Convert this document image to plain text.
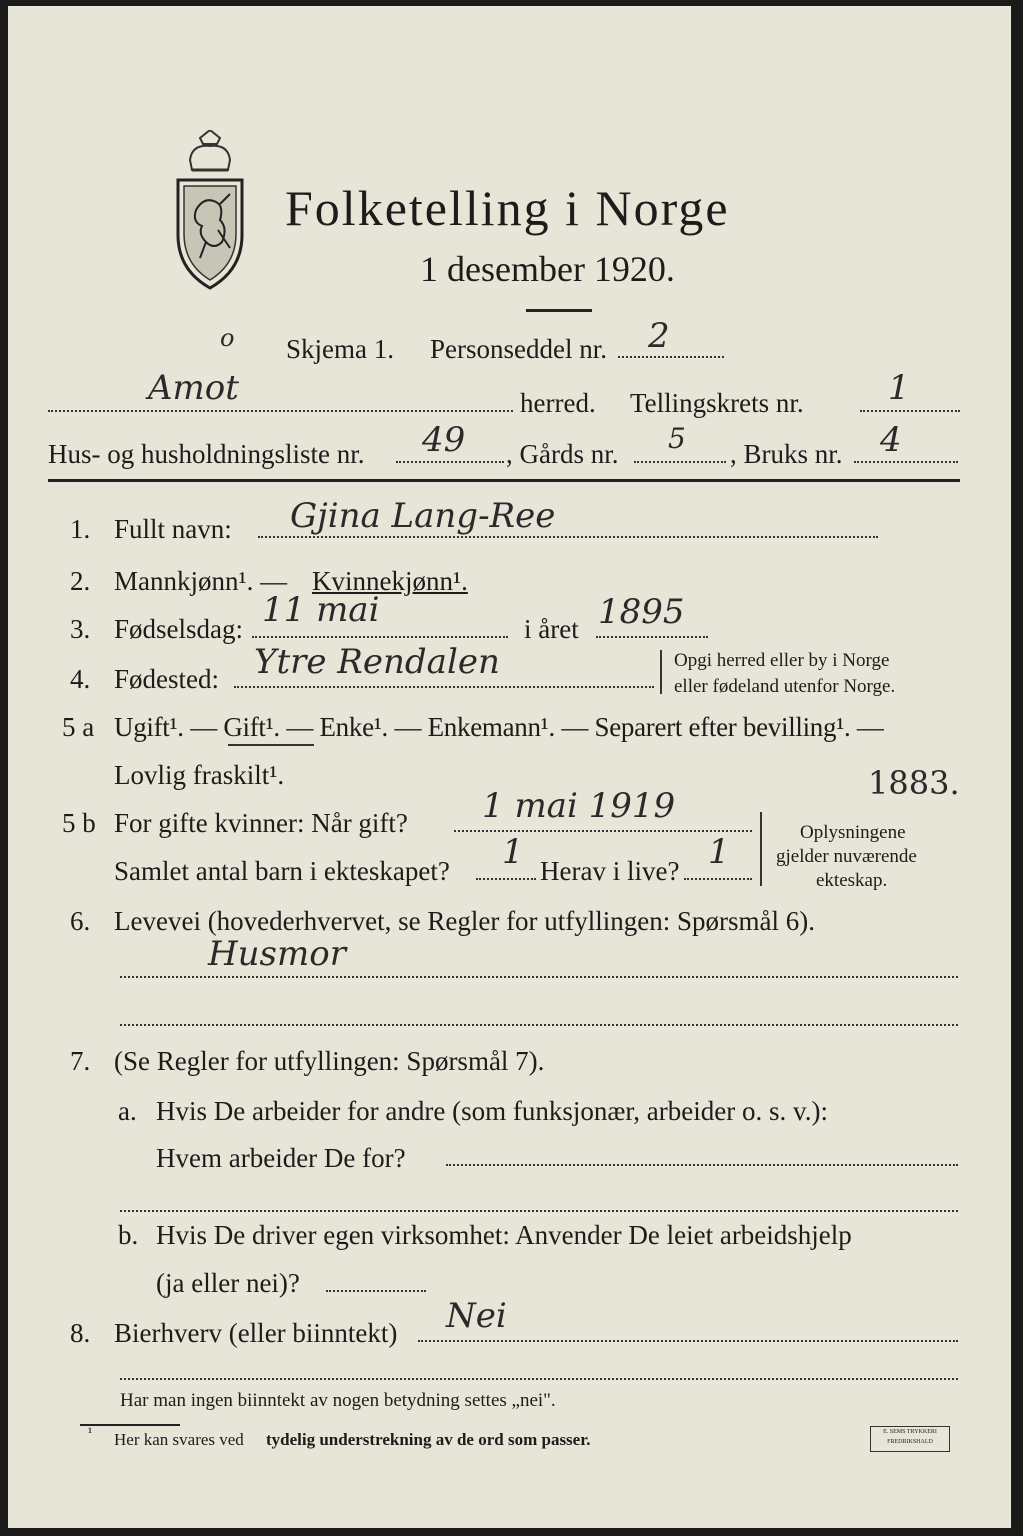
Folketelling i Norge
1 desember 1920.
o Skjema 1. Personseddel nr. 2
Amot	herred. Tellingskrets nr. 1
Hus- og husholdningsliste nr. 49 , Gårds nr. 5 , Bruks nr. 4
1. Fullt navn: Gjina Lang-Ree
2. Mannkjønn¹. — Kvinnekjønn¹.
3. Fødselsdag: 11 mai	i året 1895
4. Fødested: Ytre Rendalen	Opgi herred eller by i Norge
eller fødeland utenfor Norge.
5 a Ugift¹. — Gift¹. — Enke¹. — Enkemann¹. — Separert efter bevilling¹. —
Lovlig fraskilt¹.
5 b For gifte kvinner: Når gift? 1 mai 1919
1883.
Samlet antal barn i ekteskapet? 1 Herav i live? 1	Oplysningene
gjelder nuværende
ekteskap.
6. Levevei (hovederhvervet, se Regler for utfyllingen: Spørsmål 6).
Husmor
7. (Se Regler for utfyllingen: Spørsmål 7).
a. Hvis De arbeider for andre (som funksjonær, arbeider o. s. v.):
Hvem arbeider De for?
b. Hvis De driver egen virksomhet: Anvender De leiet arbeidshjelp
(ja eller nei)?
8. Bierhverv (eller biinntekt) Nei
Har man ingen biinntekt av nogen betydning settes „nei".
¹ Her kan svares ved tydelig understrekning av de ord som passer.	E. SEMS TRYKKERI
FREDRIKSHALD
